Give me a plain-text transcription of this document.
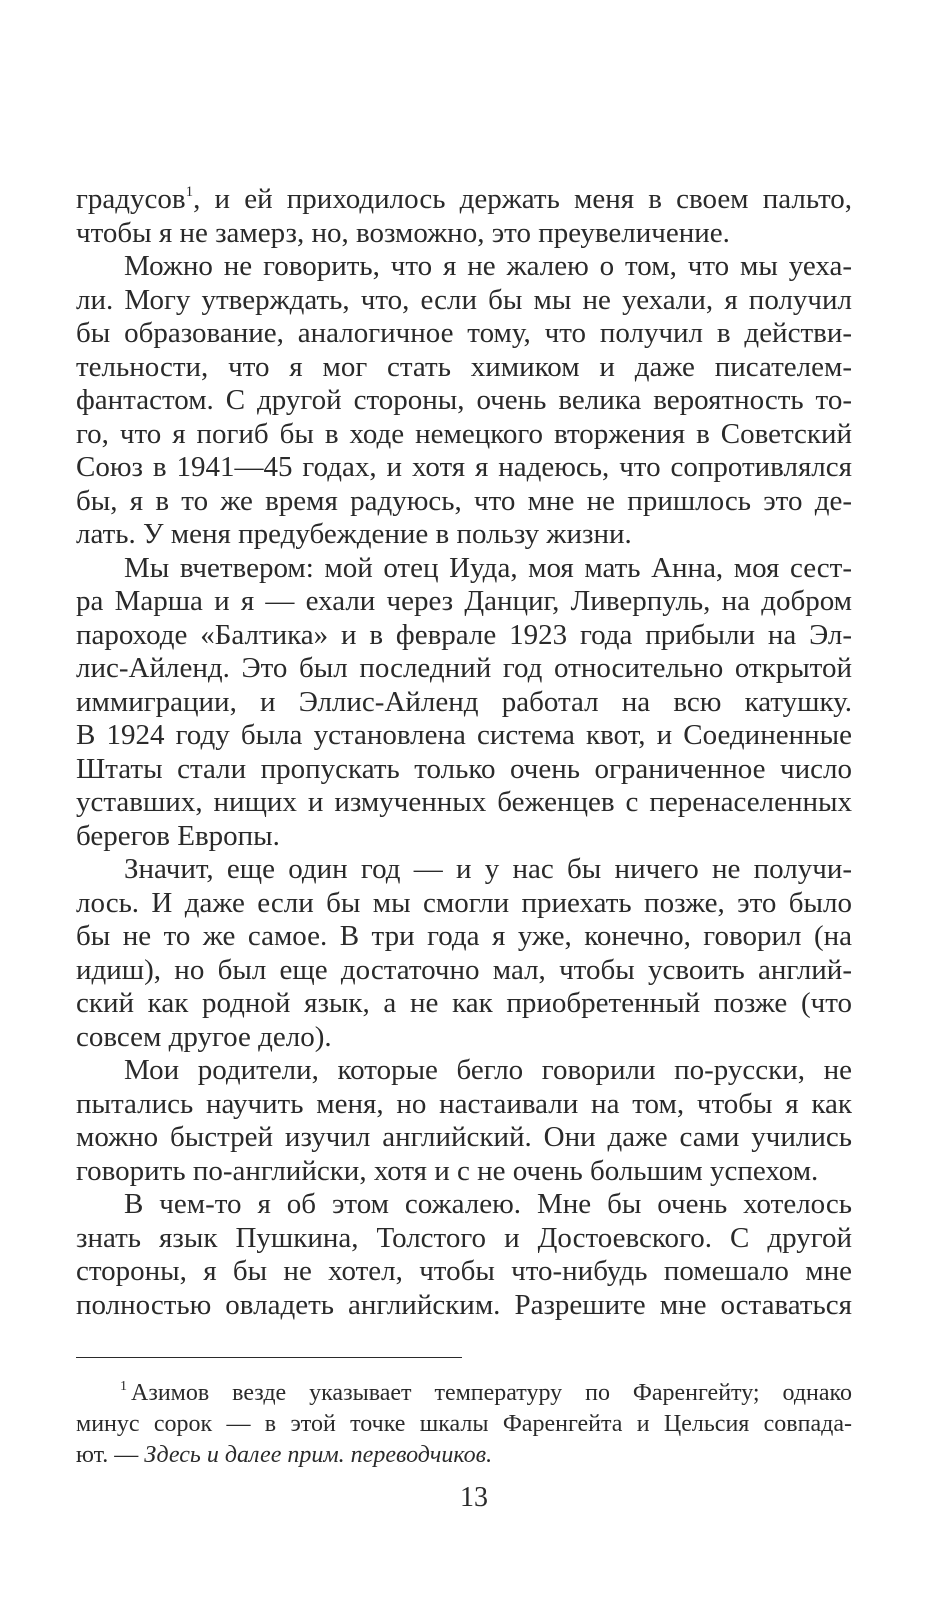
градусов$^1$, и ей приходилось держать меня в своем пальто,
чтобы я не замерз, но, возможно, это преувеличение.
Можно не говорить, что я не жалею о том, что мы уеха-
ли. Могу утверждать, что, если бы мы не уехали, я получил
бы образование, аналогичное тому, что получил в действи-
тельности, что я мог стать химиком и даже писателем-
фантастом. С другой стороны, очень велика вероятность то-
го, что я погиб бы в ходе немецкого вторжения в Советский
Союз в 1941—45 годах, и хотя я надеюсь, что сопротивлялся
бы, я в то же время радуюсь, что мне не пришлось это де-
лать. У меня предубеждение в пользу жизни.
Мы вчетвером: мой отец Иуда, моя мать Анна, моя сест-
ра Марша и я — ехали через Данциг, Ливерпуль, на добром
пароходе «Балтика» и в феврале 1923 года прибыли на Эл-
лис-Айленд. Это был последний год относительно открытой
иммиграции, и Эллис-Айленд работал на всю катушку.
В 1924 году была установлена система квот, и Соединенные
Штаты стали пропускать только очень ограниченное число
уставших, нищих и измученных беженцев с перенаселенных
берегов Европы.
Значит, еще один год — и у нас бы ничего не получи-
лось. И даже если бы мы смогли приехать позже, это было
бы не то же самое. В три года я уже, конечно, говорил (на
идиш), но был еще достаточно мал, чтобы усвоить англий-
ский как родной язык, а не как приобретенный позже (что
совсем другое дело).
Мои родители, которые бегло говорили по-русски, не
пытались научить меня, но настаивали на том, чтобы я как
можно быстрей изучил английский. Они даже сами учились
говорить по-английски, хотя и с не очень большим успехом.
В чем-то я об этом сожалею. Мне бы очень хотелось
знать язык Пушкина, Толстого и Достоевского. С другой
стороны, я бы не хотел, чтобы что-нибудь помешало мне
полностью овладеть английским. Разрешите мне оставаться
$^1$ Азимов везде указывает температуру по Фаренгейту; однако
минус сорок — в этой точке шкалы Фаренгейта и Цельсия совпада-
ют. — Здесь и далее прим. переводчиков.
13
